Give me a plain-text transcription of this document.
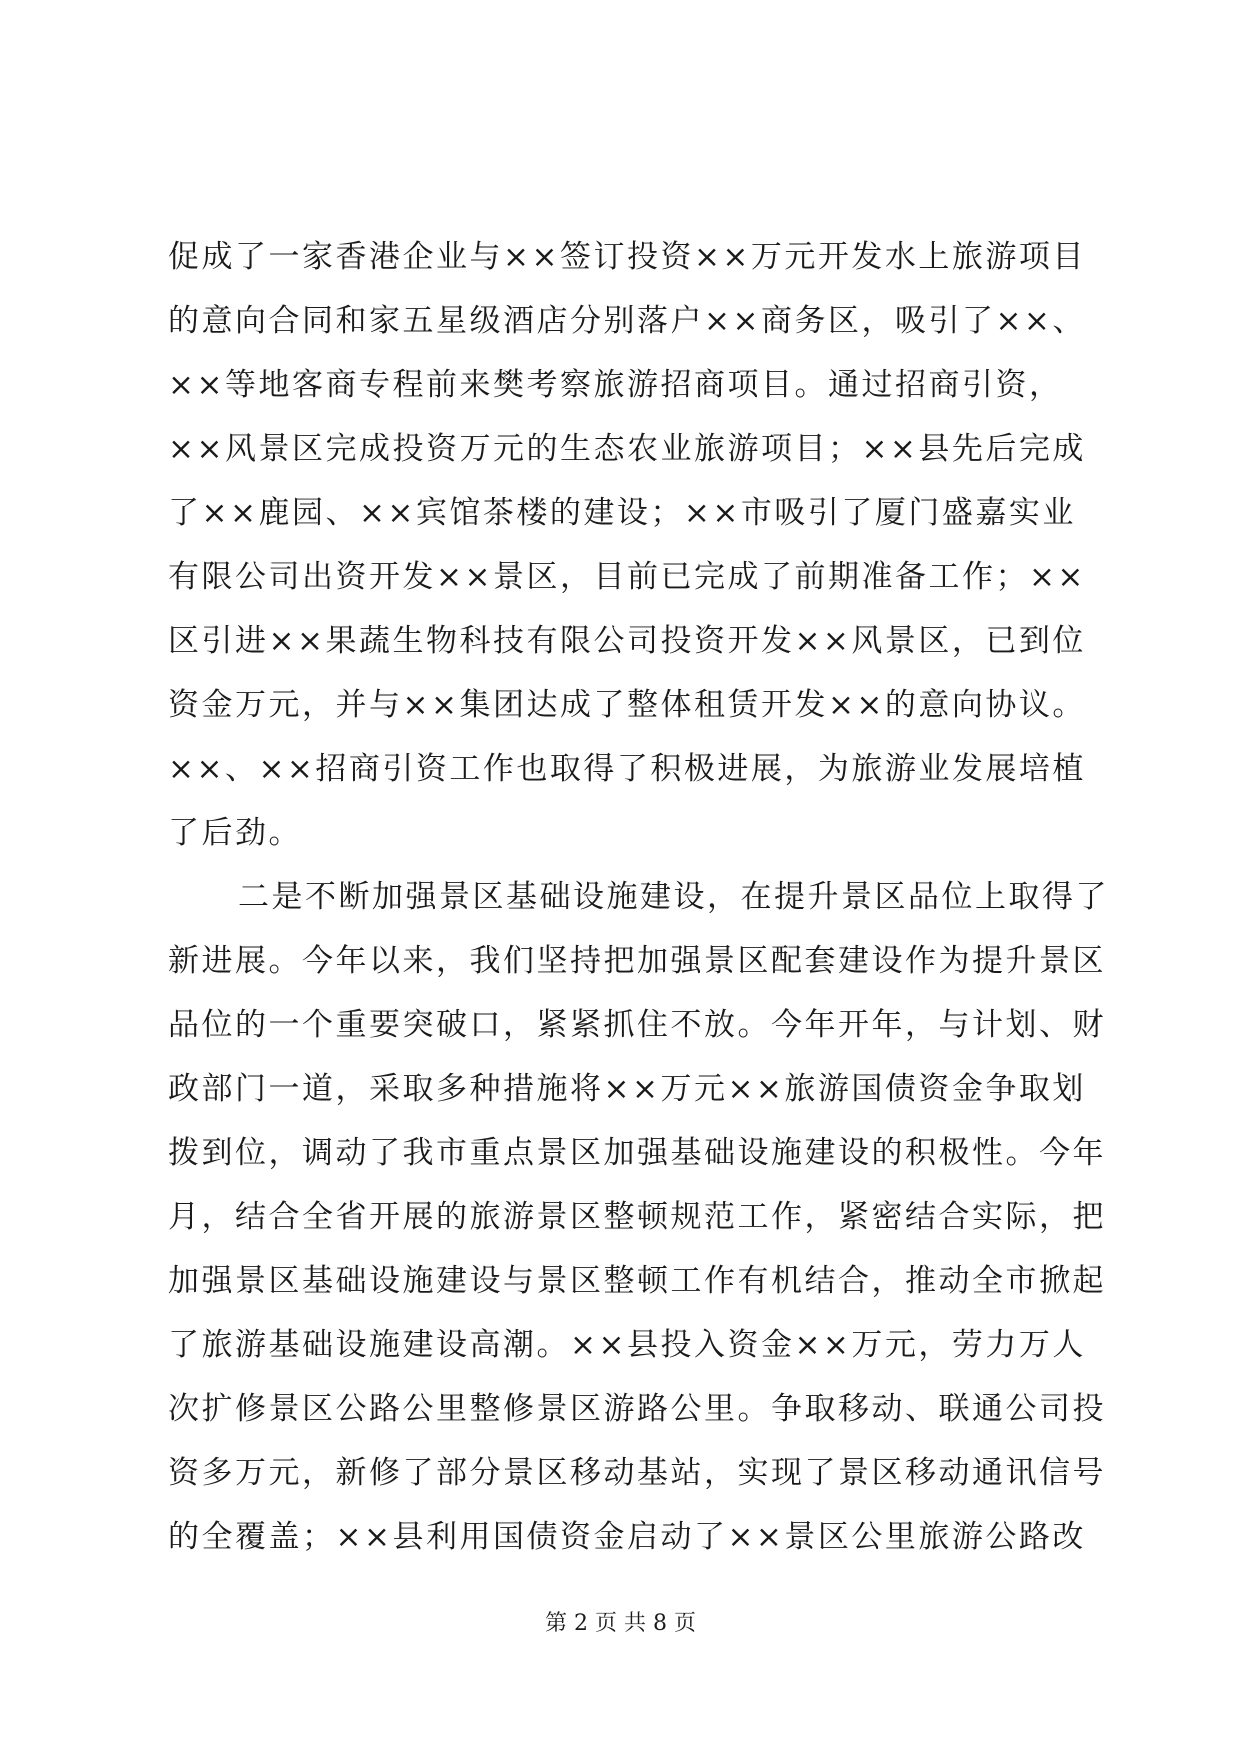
促成了一家香港企业与××签订投资××万元开发水上旅游项目
的意向合同和家五星级酒店分别落户××商务区，吸引了××、
××等地客商专程前来樊考察旅游招商项目。通过招商引资，
××风景区完成投资万元的生态农业旅游项目；××县先后完成
了××鹿园、××宾馆茶楼的建设；××市吸引了厦门盛嘉实业
有限公司出资开发××景区，目前已完成了前期准备工作；××
区引进××果蔬生物科技有限公司投资开发××风景区，已到位
资金万元，并与××集团达成了整体租赁开发××的意向协议。
××、××招商引资工作也取得了积极进展，为旅游业发展培植
了后劲。
二是不断加强景区基础设施建设，在提升景区品位上取得了
新进展。今年以来，我们坚持把加强景区配套建设作为提升景区
品位的一个重要突破口，紧紧抓住不放。今年开年，与计划、财
政部门一道，采取多种措施将××万元××旅游国债资金争取划
拨到位，调动了我市重点景区加强基础设施建设的积极性。今年
月，结合全省开展的旅游景区整顿规范工作，紧密结合实际，把
加强景区基础设施建设与景区整顿工作有机结合，推动全市掀起
了旅游基础设施建设高潮。××县投入资金××万元，劳力万人
次扩修景区公路公里整修景区游路公里。争取移动、联通公司投
资多万元，新修了部分景区移动基站，实现了景区移动通讯信号
的全覆盖；××县利用国债资金启动了××景区公里旅游公路改
第 2 页 共 8 页
